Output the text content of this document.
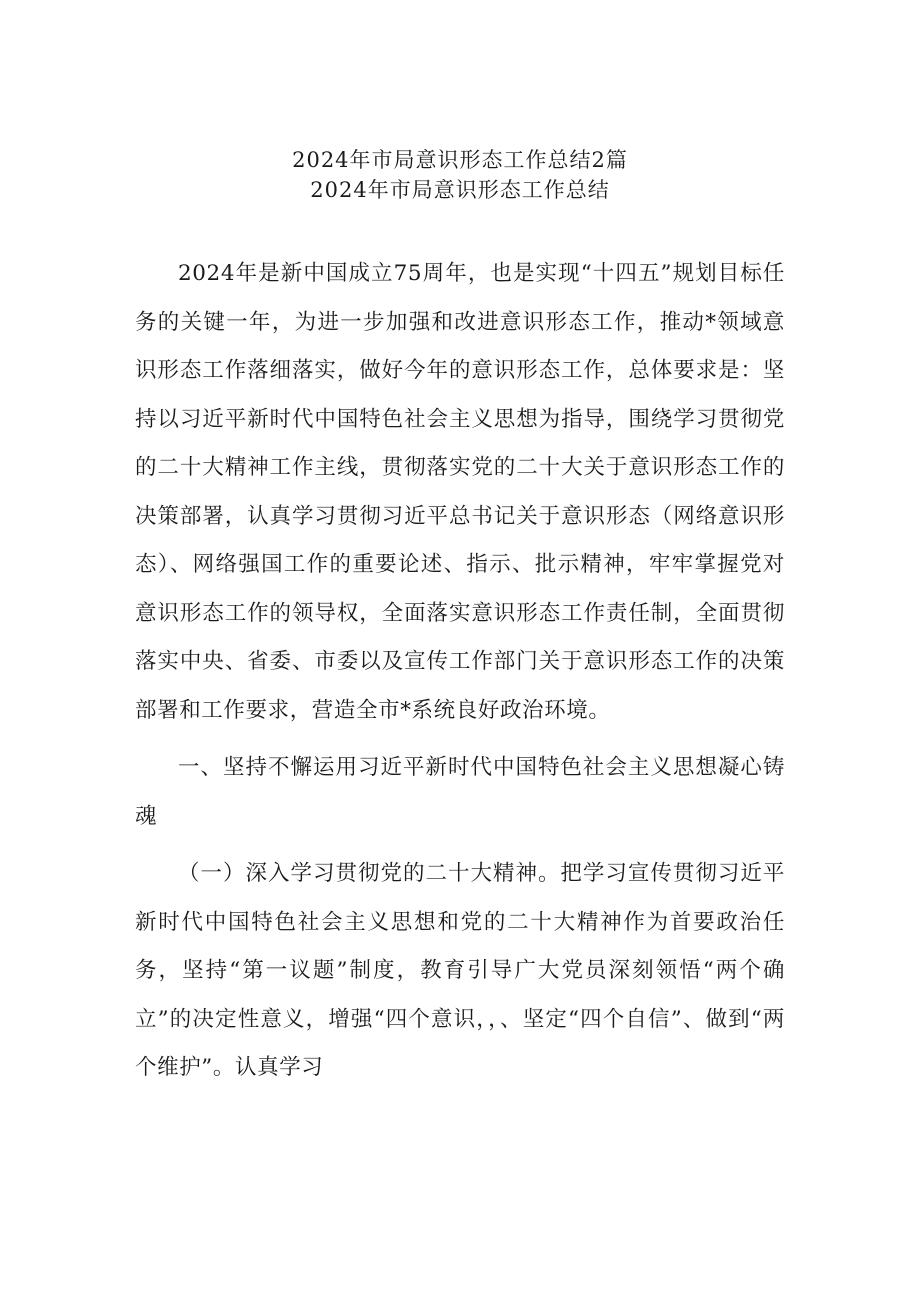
2024年市局意识形态工作总结2篇
2024年市局意识形态工作总结

2024年是新中国成立75周年，也是实现“十四五”规划目标任务的关键一年，为进一步加强和改进意识形态工作，推动*领域意识形态工作落细落实，做好今年的意识形态工作，总体要求是：坚持以习近平新时代中国特色社会主义思想为指导，围绕学习贯彻党的二十大精神工作主线，贯彻落实党的二十大关于意识形态工作的决策部署，认真学习贯彻习近平总书记关于意识形态（网络意识形态）、网络强国工作的重要论述、指示、批示精神，牢牢掌握党对意识形态工作的领导权，全面落实意识形态工作责任制，全面贯彻落实中央、省委、市委以及宣传工作部门关于意识形态工作的决策部署和工作要求，营造全市*系统良好政治环境。

一、坚持不懈运用习近平新时代中国特色社会主义思想凝心铸魂

（一）深入学习贯彻党的二十大精神。把学习宣传贯彻习近平新时代中国特色社会主义思想和党的二十大精神作为首要政治任务，坚持“第一议题”制度，教育引导广大党员深刻领悟“两个确立”的决定性意义，增强“四个意识，，、坚定“四个自信”、做到“两个维护”。认真学习
